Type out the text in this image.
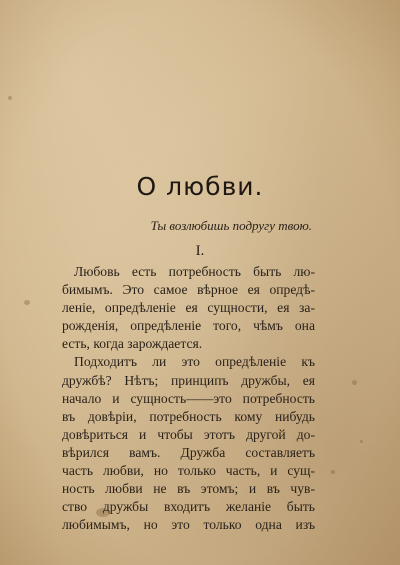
О любви.
Ты возлюбишь подругу твою.
I.
Любовь есть потребность быть лю-
бимымъ. Это самое вѣрное ея опредѣ-
леніе, опредѣленіе ея сущности, ея за-
рожденія, опредѣленіе того, чѣмъ она
есть, когда зарождается.
Подходитъ ли это опредѣленіе къ
дружбѣ? Нѣтъ; принципъ дружбы, ея
начало и сущность——это потребность
въ довѣріи, потребность кому нибудь
довѣриться и чтобы этотъ другой до-
вѣрился вамъ. Дружба составляетъ
часть любви, но только часть, и сущ-
ность любви не въ этомъ; и въ чув-
ство дружбы входитъ желаніе быть
любимымъ, но это только одна изъ
